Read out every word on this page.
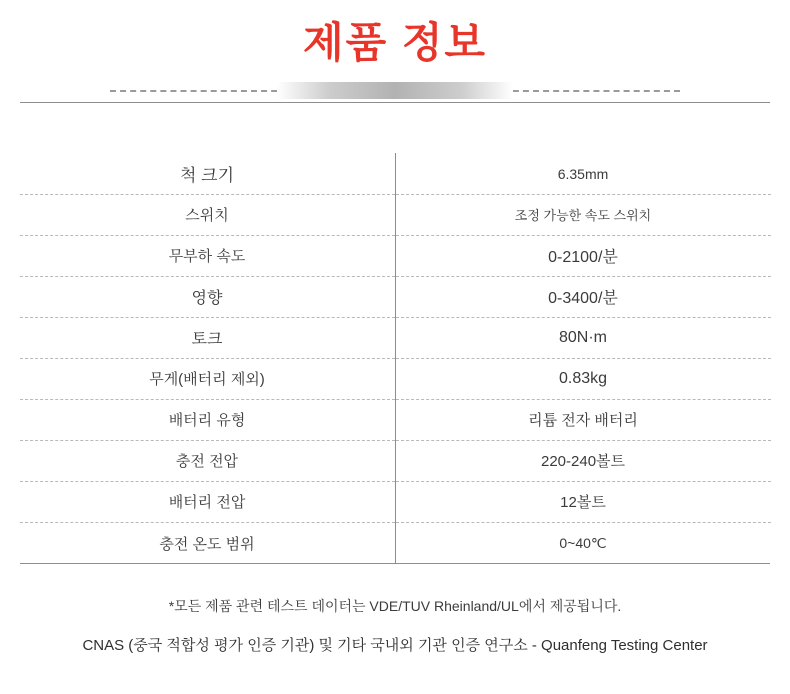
제품 정보
척 크기	6.35mm
스위치	조정 가능한 속도 스위치
무부하 속도	0-2100/분
영향	0-3400/분
토크	80N·m
무게(배터리 제외)	0.83kg
배터리 유형	리튬 전자 배터리
충전 전압	220-240볼트
배터리 전압	12볼트
충전 온도 범위	0~40℃
*모든 제품 관련 테스트 데이터는 VDE/TUV Rheinland/UL에서 제공됩니다.
CNAS (중국 적합성 평가 인증 기관) 및 기타 국내외 기관 인증 연구소 - Quanfeng Testing Center
